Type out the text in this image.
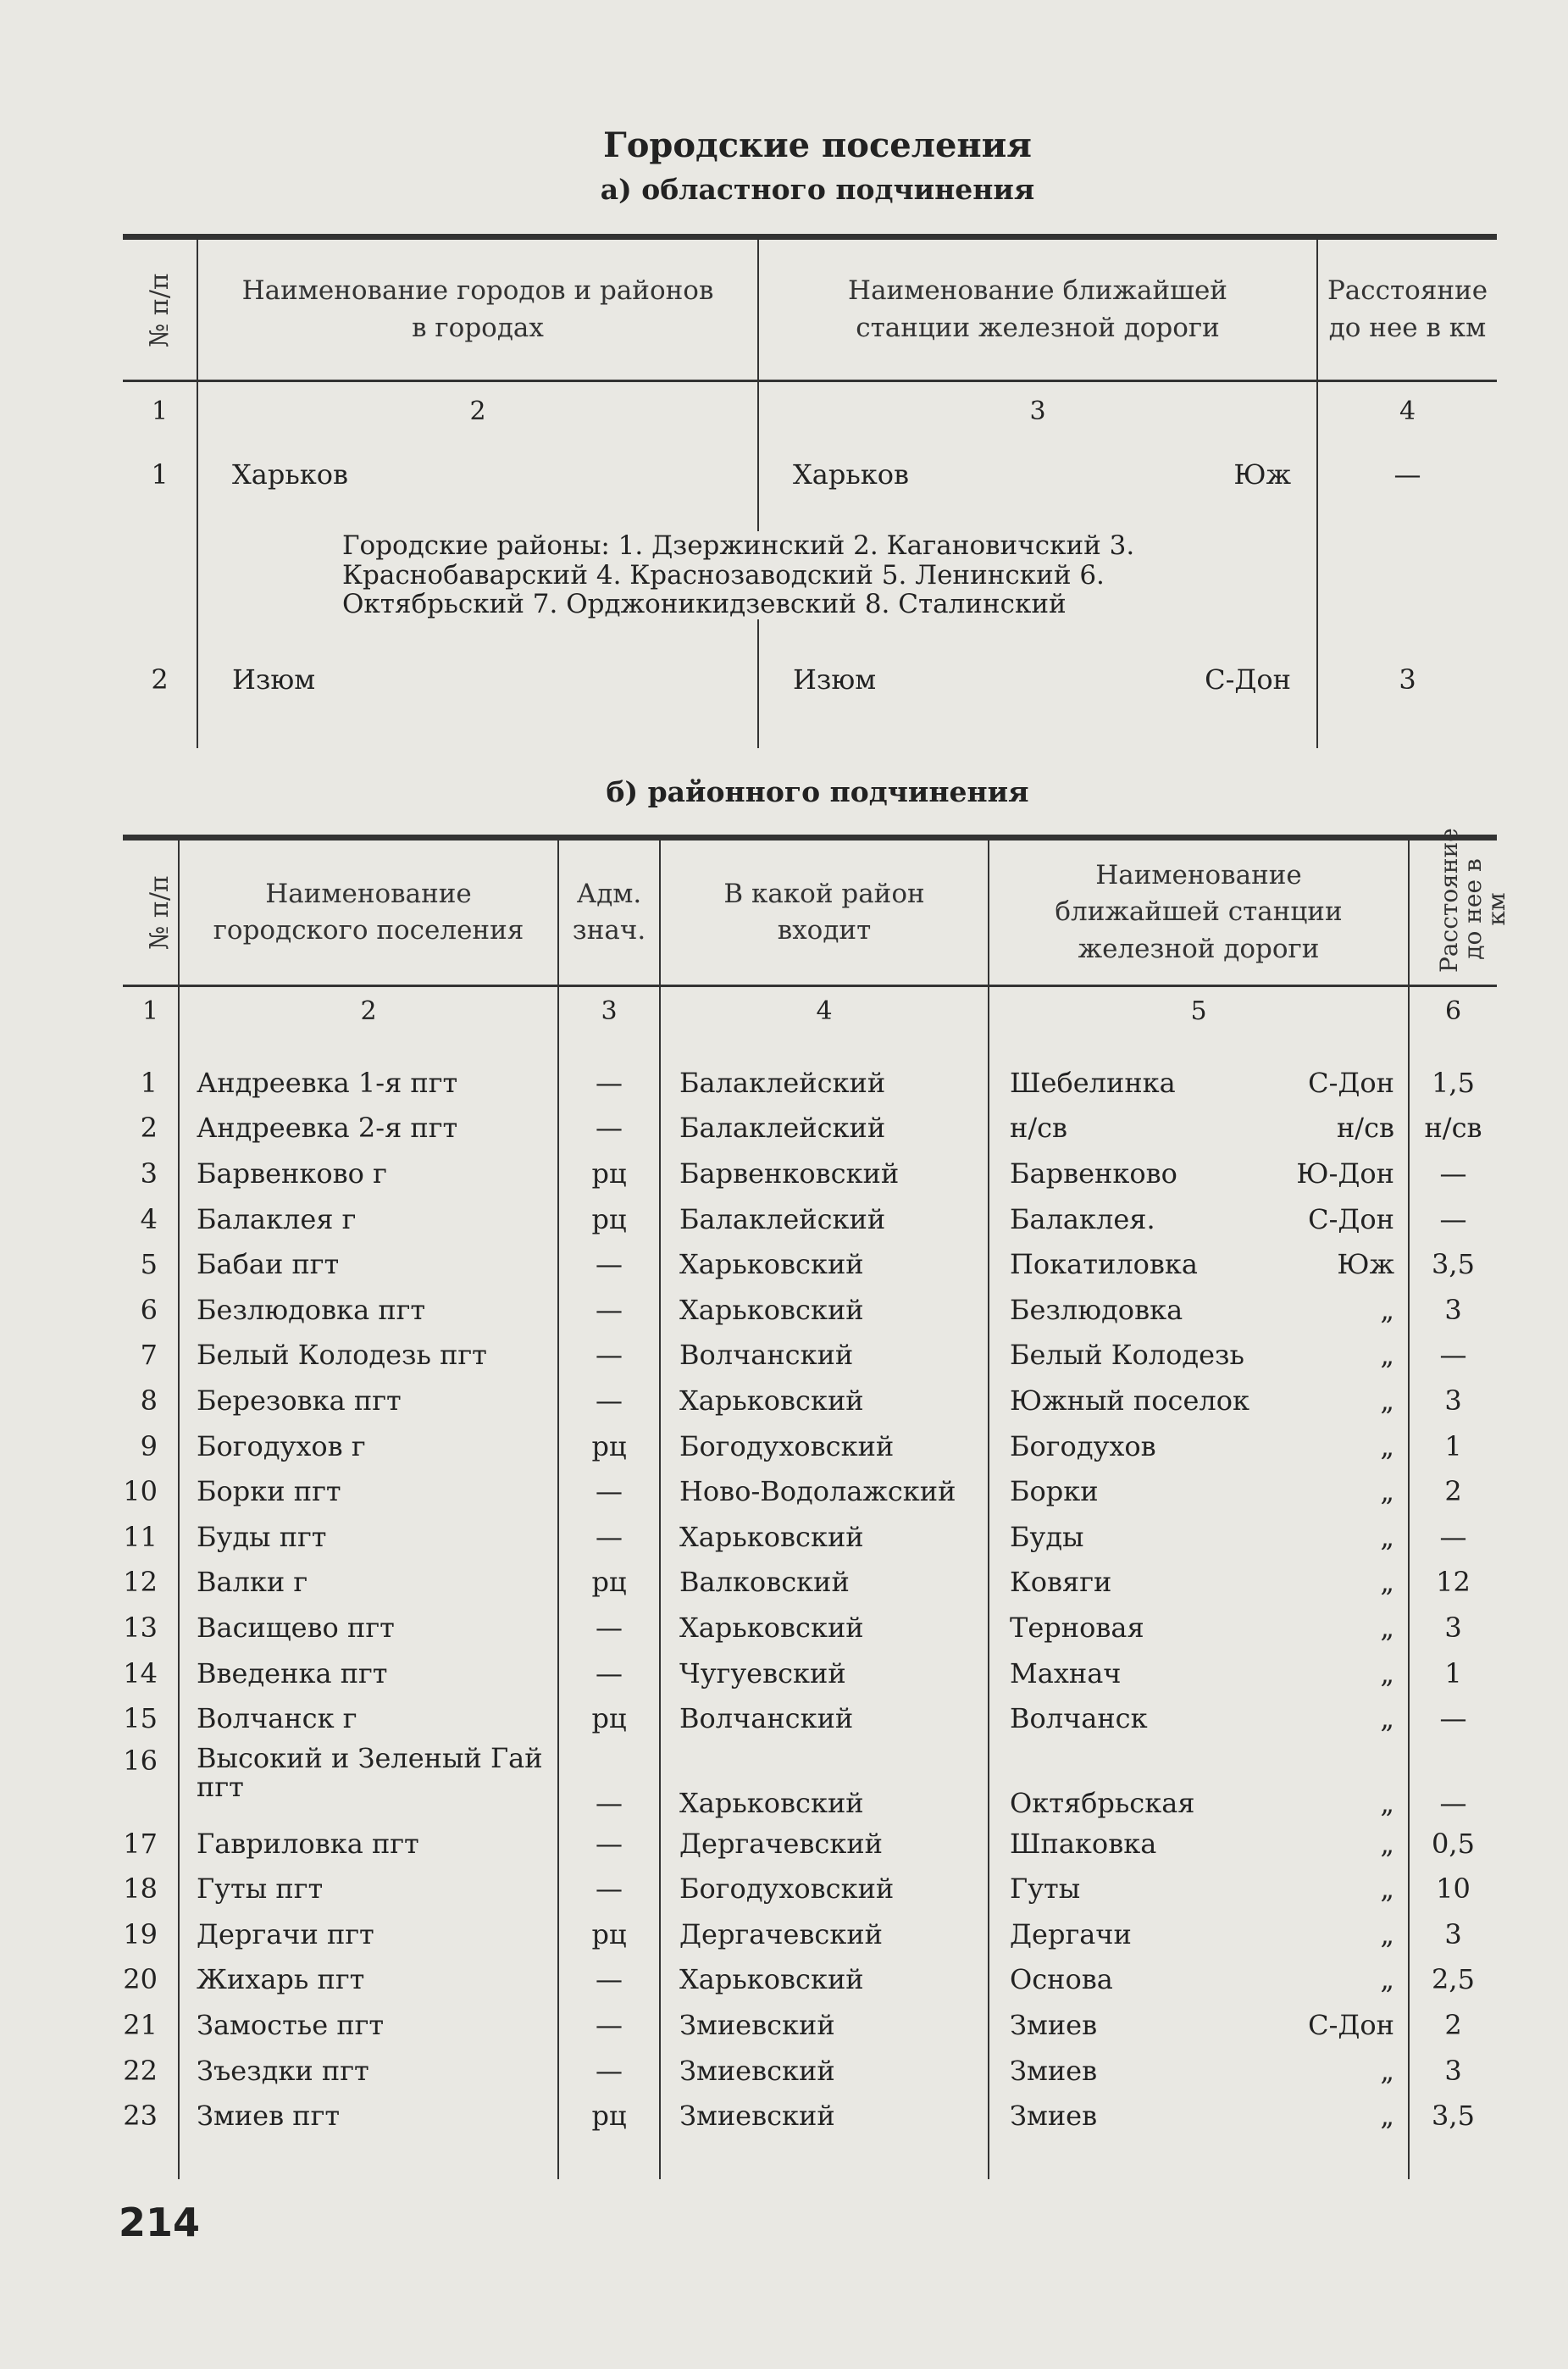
Городские поселения
а) областного подчинения
№ п/п	Наименование городов и районов в городах	Наименование ближайшей станции железной дороги	Расстояние до нее в км
1	2	3	4
1	Харьков	Харьков Юж	—

	Городские районы: 1. Дзержинский 2. Кагановичский 3. Краснобаварский 4. Краснозаводский 5. Ленинский 6. Октябрьский 7. Орджоникидзевский 8. Сталинский		

2	Изюм	Изюм С-Дон	3
б) районного подчинения
№ п/п	Наименование городского поселения	Адм. знач.	В какой район входит	Наименование ближайшей станции железной дороги	Расстояние до нее в км
1	2	3	4	5	6

1	Андреевка 1-я пгт	—	Балаклейский	Шебелинка С-Дон	1,5
2	Андреевка 2-я пгт	—	Балаклейский	н/св н/св	н/св
3	Барвенково г	рц	Барвенковский	Барвенково Ю-Дон	—
4	Балаклея г	рц	Балаклейский	Балаклея. С-Дон	—
5	Бабаи пгт	—	Харьковский	Покатиловка Юж	3,5
6	Безлюдовка пгт	—	Харьковский	Безлюдовка „	3
7	Белый Колодезь пгт	—	Волчанский	Белый Колодезь „	—
8	Березовка пгт	—	Харьковский	Южный поселок „	3
9	Богодухов г	рц	Богодуховский	Богодухов „	1
10	Борки пгт	—	Ново-Водолажский	Борки „	2
11	Буды пгт	—	Харьковский	Буды „	—
12	Валки г	рц	Валковский	Ковяги „	12
13	Васищево пгт	—	Харьковский	Терновая „	3
14	Введенка пгт	—	Чугуевский	Махнач „	1
15	Волчанск г	рц	Волчанский	Волчанск „	—
16	Высокий и Зеленый Гай пгт	—	Харьковский	Октябрьская „	—
17	Гавриловка пгт	—	Дергачевский	Шпаковка „	0,5
18	Гуты пгт	—	Богодуховский	Гуты „	10
19	Дергачи пгт	рц	Дергачевский	Дергачи „	3
20	Жихарь пгт	—	Харьковский	Основа „	2,5
21	Замостье пгт	—	Змиевский	Змиев С-Дон	2
22	Зъездки пгт	—	Змиевский	Змиев „	3
23	Змиев пгт	рц	Змиевский	Змиев „	3,5

214
